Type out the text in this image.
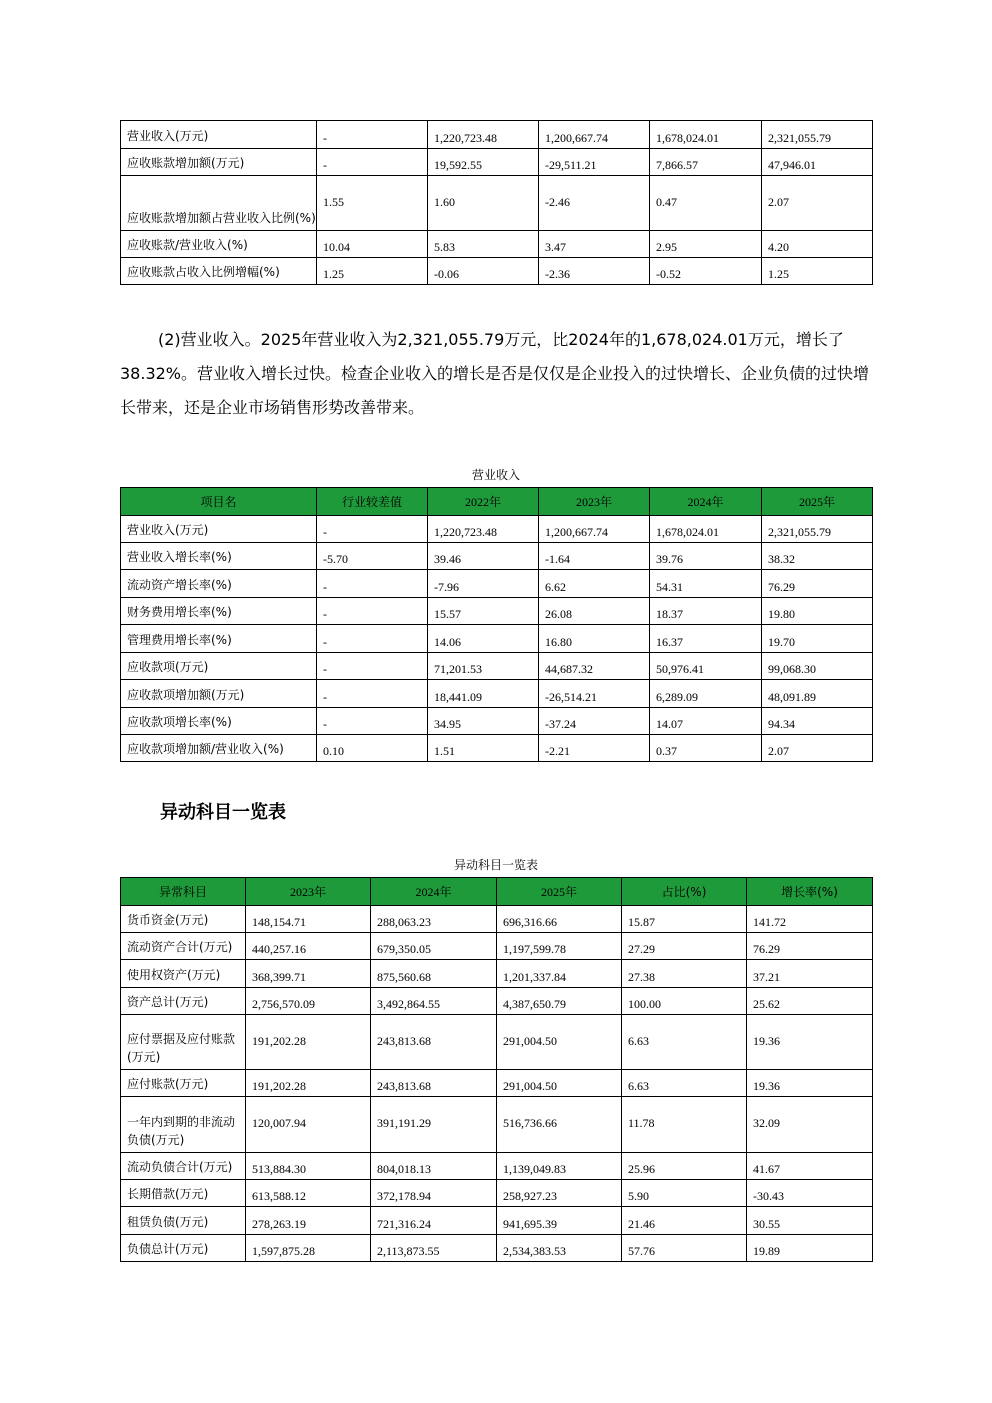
营业收入(万元)	-	1,220,723.48	1,200,667.74	1,678,024.01	2,321,055.79
应收账款增加额(万元)	-	19,592.55	-29,511.21	7,866.57	47,946.01
应收账款增加额占营业收入比例(%)	1.55	1.60	-2.46	0.47	2.07
应收账款/营业收入(%)	10.04	5.83	3.47	2.95	4.20
应收账款占收入比例增幅(%)	1.25	-0.06	-2.36	-0.52	1.25

(2)营业收入。2025年营业收入为2,321,055.79万元，比2024年的1,678,024.01万元，增长了38.32%。营业收入增长过快。检查企业收入的增长是否是仅仅是企业投入的过快增长、企业负债的过快增长带来，还是企业市场销售形势改善带来。

营业收入
项目名	行业较差值	2022年	2023年	2024年	2025年
营业收入(万元)	-	1,220,723.48	1,200,667.74	1,678,024.01	2,321,055.79
营业收入增长率(%)	-5.70	39.46	-1.64	39.76	38.32
流动资产增长率(%)	-	-7.96	6.62	54.31	76.29
财务费用增长率(%)	-	15.57	26.08	18.37	19.80
管理费用增长率(%)	-	14.06	16.80	16.37	19.70
应收款项(万元)	-	71,201.53	44,687.32	50,976.41	99,068.30
应收款项增加额(万元)	-	18,441.09	-26,514.21	6,289.09	48,091.89
应收款项增长率(%)	-	34.95	-37.24	14.07	94.34
应收款项增加额/营业收入(%)	0.10	1.51	-2.21	0.37	2.07
异动科目一览表
异动科目一览表
异常科目	2023年	2024年	2025年	占比(%)	增长率(%)
货币资金(万元)	148,154.71	288,063.23	696,316.66	15.87	141.72
流动资产合计(万元)	440,257.16	679,350.05	1,197,599.78	27.29	76.29
使用权资产(万元)	368,399.71	875,560.68	1,201,337.84	27.38	37.21
资产总计(万元)	2,756,570.09	3,492,864.55	4,387,650.79	100.00	25.62
应付票据及应付账款(万元)	191,202.28	243,813.68	291,004.50	6.63	19.36
应付账款(万元)	191,202.28	243,813.68	291,004.50	6.63	19.36
一年内到期的非流动负债(万元)	120,007.94	391,191.29	516,736.66	11.78	32.09
流动负债合计(万元)	513,884.30	804,018.13	1,139,049.83	25.96	41.67
长期借款(万元)	613,588.12	372,178.94	258,927.23	5.90	-30.43
租赁负债(万元)	278,263.19	721,316.24	941,695.39	21.46	30.55
负债总计(万元)	1,597,875.28	2,113,873.55	2,534,383.53	57.76	19.89
